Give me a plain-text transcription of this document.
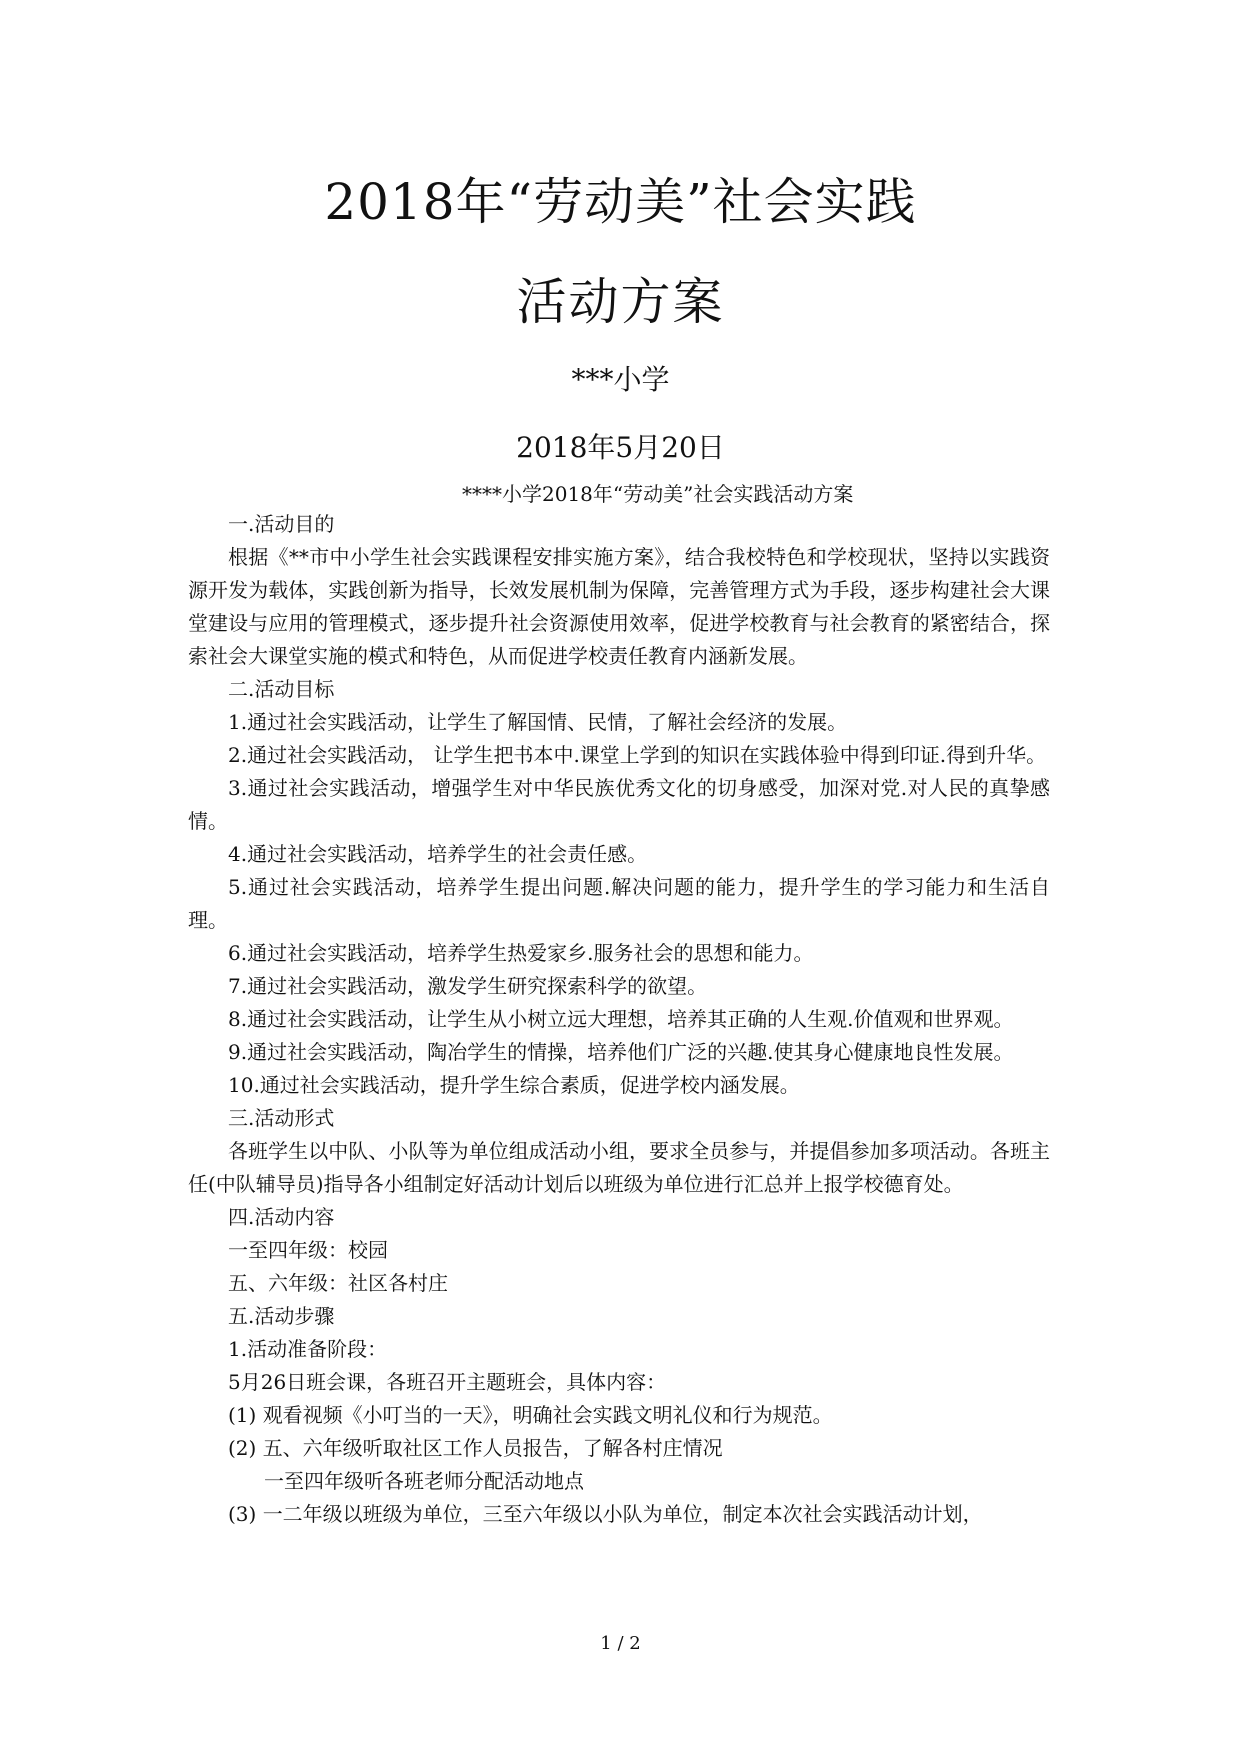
2018年“劳动美”社会实践
活动方案
***小学
2018年5月20日
****小学2018年“劳动美”社会实践活动方案

一.活动目的

根据《**市中小学生社会实践课程安排实施方案》，结合我校特色和学校现状，坚持以实践资源开发为载体，实践创新为指导，长效发展机制为保障，完善管理方式为手段，逐步构建社会大课堂建设与应用的管理模式，逐步提升社会资源使用效率，促进学校教育与社会教育的紧密结合，探索社会大课堂实施的模式和特色，从而促进学校责任教育内涵新发展。

二.活动目标

1.通过社会实践活动，让学生了解国情、民情，了解社会经济的发展。

2.通过社会实践活动， 让学生把书本中.课堂上学到的知识在实践体验中得到印证.得到升华。

3.通过社会实践活动，增强学生对中华民族优秀文化的切身感受，加深对党.对人民的真挚感情。

4.通过社会实践活动，培养学生的社会责任感。

5.通过社会实践活动，培养学生提出问题.解决问题的能力，提升学生的学习能力和生活自理。

6.通过社会实践活动，培养学生热爱家乡.服务社会的思想和能力。

7.通过社会实践活动，激发学生研究探索科学的欲望。

8.通过社会实践活动，让学生从小树立远大理想，培养其正确的人生观.价值观和世界观。

9.通过社会实践活动，陶冶学生的情操，培养他们广泛的兴趣.使其身心健康地良性发展。

10.通过社会实践活动，提升学生综合素质，促进学校内涵发展。

三.活动形式

各班学生以中队、小队等为单位组成活动小组，要求全员参与，并提倡参加多项活动。各班主任(中队辅导员)指导各小组制定好活动计划后以班级为单位进行汇总并上报学校德育处。

四.活动内容

一至四年级：校园

五、六年级：社区各村庄

五.活动步骤

1.活动准备阶段：

5月26日班会课，各班召开主题班会，具体内容：

(1) 观看视频《小叮当的一天》，明确社会实践文明礼仪和行为规范。

(2) 五、六年级听取社区工作人员报告，了解各村庄情况

一至四年级听各班老师分配活动地点

(3) 一二年级以班级为单位，三至六年级以小队为单位，制定本次社会实践活动计划，

1 / 2
